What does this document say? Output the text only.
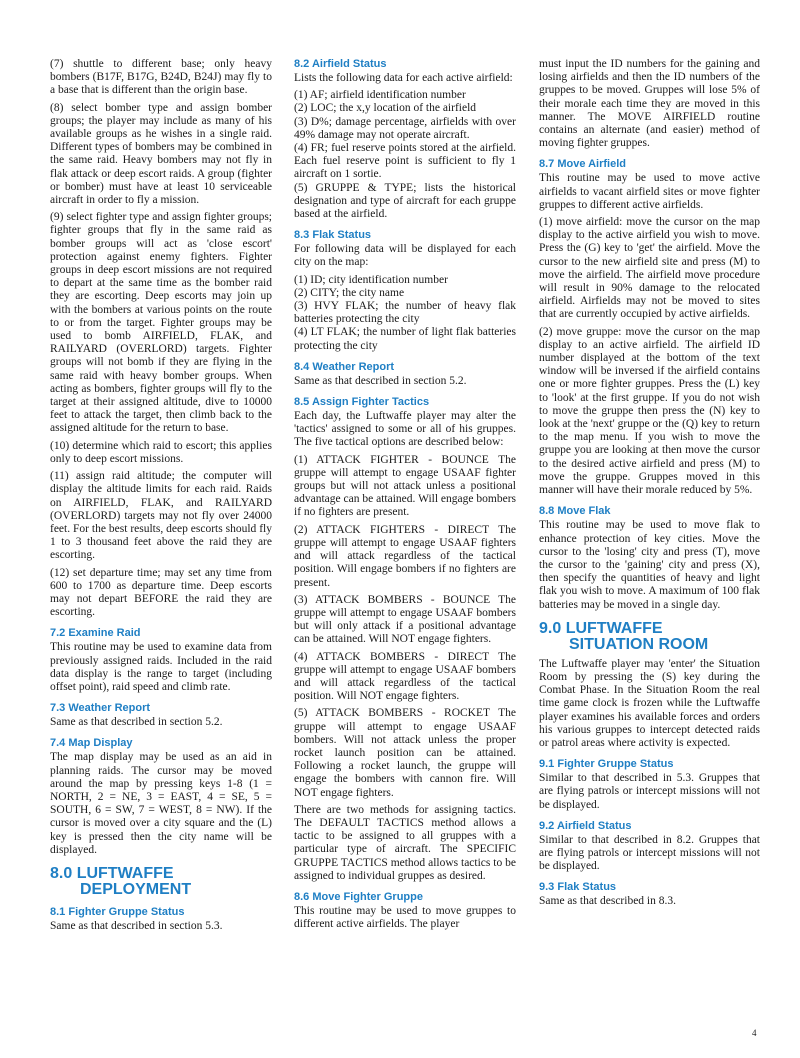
(7) shuttle to different base; only heavy bombers (B17F, B17G, B24D, B24J) may fly to a base that is different than the origin base.

(8) select bomber type and assign bomber groups; the player may include as many of his available groups as he wishes in a single raid. Different types of bombers may be combined in the same raid. Heavy bombers may not fly in flak attack or deep escort raids. A group (fighter or bomber) must have at least 10 serviceable aircraft in order to fly a mission.

(9) select fighter type and assign fighter groups; fighter groups that fly in the same raid as bomber groups will act as 'close escort' protection against enemy fighters. Fighter groups in deep escort missions are not required to depart at the same time as the bomber raid they are escorting. Deep escorts may join up with the bombers at various points on the route to or from the target. Fighter groups may be used to bomb AIRFIELD, FLAK, and RAILYARD (OVERLORD) targets. Fighter groups will not bomb if they are flying in the same raid with heavy bomber groups. When acting as bombers, fighter groups will fly to the target at their assigned altitude, dive to 10000 feet to attack the target, then climb back to the assigned altitude for the return to base.

(10) determine which raid to escort; this applies only to deep escort missions.

(11) assign raid altitude; the computer will display the altitude limits for each raid. Raids on AIRFIELD, FLAK, and RAILYARD (OVERLORD) targets may not fly over 24000 feet. For the best results, deep escorts should fly 1 to 3 thousand feet above the raid they are escorting.

(12) set departure time; may set any time from 600 to 1700 as departure time. Deep escorts may not depart BEFORE the raid they are escorting.

7.2 Examine Raid

This routine may be used to examine data from previously assigned raids. Included in the raid data display is the range to target (including offset point), raid speed and climb rate.

7.3 Weather Report

Same as that described in section 5.2.

7.4 Map Display

The map display may be used as an aid in planning raids. The cursor may be moved around the map by pressing keys 1-8 (1 = NORTH, 2 = NE, 3 = EAST, 4 = SE, 5 = SOUTH, 6 = SW, 7 = WEST, 8 = NW). If the cursor is moved over a city square and the (L) key is pressed then the city name will be displayed.

8.0 LUFTWAFFE
DEPLOYMENT
8.1 Fighter Gruppe Status

Same as that described in section 5.3.

8.2 Airfield Status

Lists the following data for each active airfield:

(1) AF; airfield identification number

(2) LOC; the x,y location of the airfield

(3) D%; damage percentage, airfields with over 49% damage may not operate aircraft.

(4) FR; fuel reserve points stored at the airfield. Each fuel reserve point is sufficient to fly 1 aircraft on 1 sortie.

(5) GRUPPE & TYPE; lists the historical designation and type of aircraft for each gruppe based at the airfield.

8.3 Flak Status

For following data will be displayed for each city on the map:

(1) ID; city identification number

(2) CITY; the city name

(3) HVY FLAK; the number of heavy flak batteries protecting the city

(4) LT FLAK; the number of light flak batteries protecting the city

8.4 Weather Report

Same as that described in section 5.2.

8.5 Assign Fighter Tactics

Each day, the Luftwaffe player may alter the 'tactics' assigned to some or all of his gruppes. The five tactical options are described below:

(1) ATTACK FIGHTER - BOUNCE The gruppe will attempt to engage USAAF fighter groups but will not attack unless a positional advantage can be attained. Will engage bombers if no fighters are present.

(2) ATTACK FIGHTERS - DIRECT The gruppe will attempt to engage USAAF fighters and will attack regardless of the tactical position. Will engage bombers if no fighters are present.

(3) ATTACK BOMBERS - BOUNCE The gruppe will attempt to engage USAAF bombers but will only attack if a positional advantage can be attained. Will NOT engage fighters.

(4) ATTACK BOMBERS - DIRECT The gruppe will attempt to engage USAAF bombers and will attack regardless of the tactical position. Will NOT engage fighters.

(5) ATTACK BOMBERS - ROCKET The gruppe will attempt to engage USAAF bombers. Will not attack unless the proper rocket launch position can be attained. Following a rocket launch, the gruppe will engage the bombers with cannon fire. Will NOT engage fighters.

There are two methods for assigning tactics. The DEFAULT TACTICS method allows a tactic to be assigned to all gruppes with a particular type of aircraft. The SPECIFIC GRUPPE TACTICS method allows tactics to be assigned to individual gruppes as desired.

8.6 Move Fighter Gruppe

This routine may be used to move gruppes to different active airfields. The player

must input the ID numbers for the gaining and losing airfields and then the ID numbers of the gruppes to be moved. Gruppes will lose 5% of their morale each time they are moved in this manner. The MOVE AIRFIELD routine contains an alternate (and easier) method of moving fighter gruppes.

8.7 Move Airfield

This routine may be used to move active airfields to vacant airfield sites or move fighter gruppes to different active airfields.

(1) move airfield: move the cursor on the map display to the active airfield you wish to move. Press the (G) key to 'get' the airfield. Move the cursor to the new airfield site and press (M) to move the airfield. The airfield move procedure will result in 90% damage to the relocated airfield. Airfields may not be moved to sites that are currently occupied by active airfields.

(2) move gruppe: move the cursor on the map display to an active airfield. The airfield ID number displayed at the bottom of the text window will be inversed if the airfield contains one or more fighter gruppes. Press the (L) key to 'look' at the first gruppe. If you do not wish to move the gruppe then press the (N) key to look at the 'next' gruppe or the (Q) key to return to the map menu. If you wish to move the gruppe you are looking at then move the cursor to the desired active airfield and press (M) to move the gruppe. Gruppes moved in this manner will have their morale reduced by 5%.

8.8 Move Flak

This routine may be used to move flak to enhance protection of key cities. Move the cursor to the 'losing' city and press (T), move the cursor to the 'gaining' city and press (X), then specify the quantities of heavy and light flak you wish to move. A maximum of 100 flak batteries may be moved in a single day.

9.0 LUFTWAFFE
SITUATION ROOM

The Luftwaffe player may 'enter' the Situation Room by pressing the (S) key during the Combat Phase. In the Situation Room the real time game clock is frozen while the Luftwaffe player examines his available forces and orders his various gruppes to intercept detected raids or patrol areas where activity is expected.

9.1 Fighter Gruppe Status

Similar to that described in 5.3. Gruppes that are flying patrols or intercept missions will not be displayed.

9.2 Airfield Status

Similar to that described in 8.2. Gruppes that are flying patrols or intercept missions will not be displayed.

9.3 Flak Status

Same as that described in 8.3.

4
